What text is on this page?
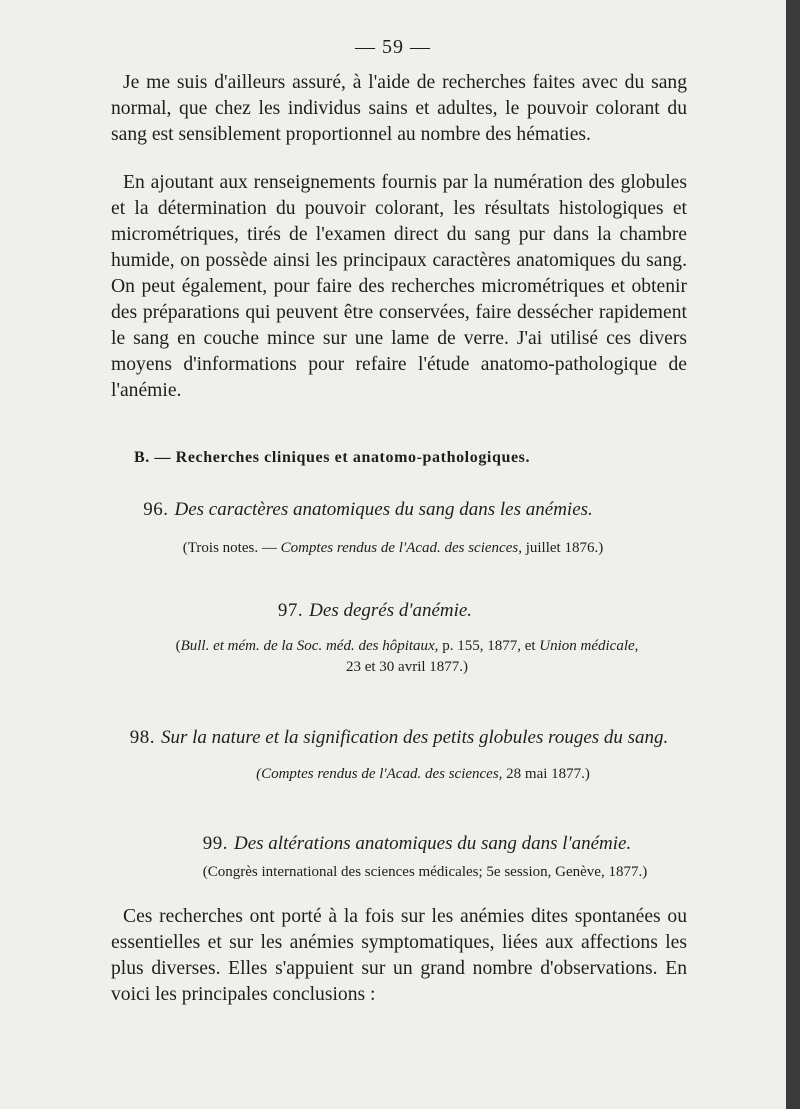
— 59 —

Je me suis d'ailleurs assuré, à l'aide de recherches faites avec du sang normal, que chez les individus sains et adultes, le pouvoir colorant du sang est sensiblement proportionnel au nombre des hématies.

En ajoutant aux renseignements fournis par la numération des globules et la détermination du pouvoir colorant, les résultats histologiques et micrométriques, tirés de l'examen direct du sang pur dans la chambre humide, on possède ainsi les principaux caractères anatomiques du sang. On peut également, pour faire des recherches micrométriques et obtenir des préparations qui peuvent être conservées, faire dessécher rapidement le sang en couche mince sur une lame de verre. J'ai utilisé ces divers moyens d'informations pour refaire l'étude anatomo-pathologique de l'anémie.

B. — Recherches cliniques et anatomo-pathologiques.
96. Des caractères anatomiques du sang dans les anémies.
(Trois notes. — Comptes rendus de l'Acad. des sciences, juillet 1876.)
97. Des degrés d'anémie.
(Bull. et mém. de la Soc. méd. des hôpitaux, p. 155, 1877, et Union médicale,
23 et 30 avril 1877.)
98. Sur la nature et la signification des petits globules rouges du sang.
(Comptes rendus de l'Acad. des sciences, 28 mai 1877.)
99. Des altérations anatomiques du sang dans l'anémie.
(Congrès international des sciences médicales; 5e session, Genève, 1877.)

Ces recherches ont porté à la fois sur les anémies dites spontanées ou essentielles et sur les anémies symptomatiques, liées aux affections les plus diverses. Elles s'appuient sur un grand nombre d'observations. En voici les principales conclusions :
